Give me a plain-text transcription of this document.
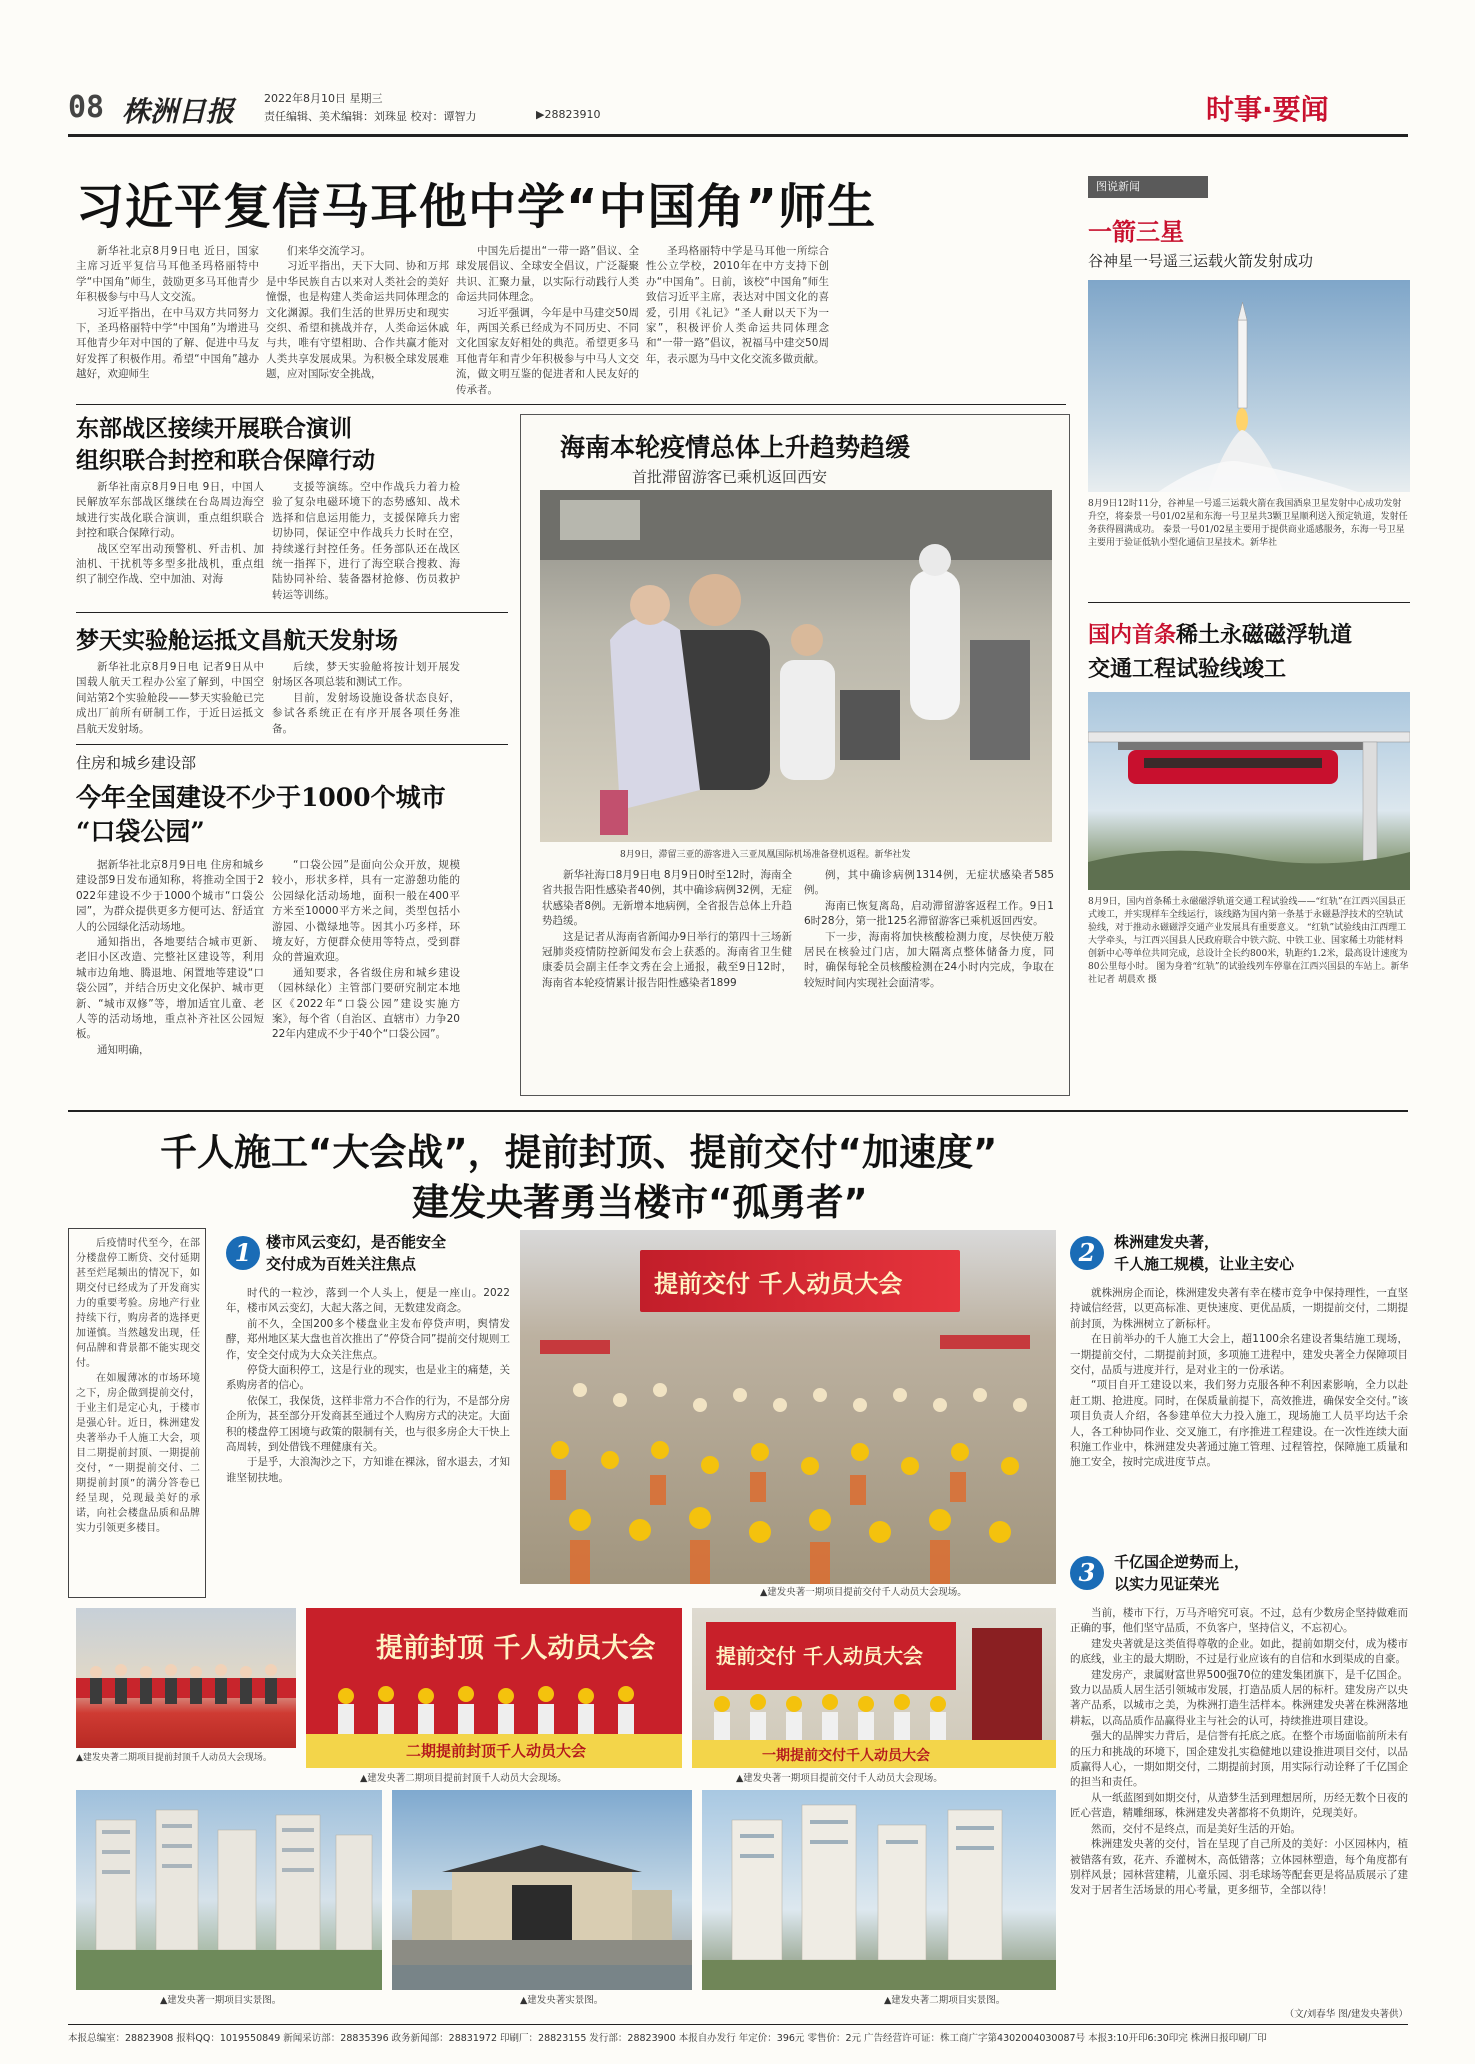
08 株洲日报	2022年8月10日 星期三
责任编辑、美术编辑：刘珠显 校对：谭智力	▶28823910	时事·要闻
习近平复信马耳他中学“中国角”师生
新华社北京8月9日电 近日，国家主席习近平复信马耳他圣玛格丽特中学“中国角”师生，鼓励更多马耳他青少年积极参与中马人文交流。
习近平指出，在中马双方共同努力下，圣玛格丽特中学“中国角”为增进马耳他青少年对中国的了解、促进中马友好发挥了积极作用。希望“中国角”越办越好，欢迎师生
们来华交流学习。
习近平指出，天下大同、协和万邦是中华民族自古以来对人类社会的美好憧憬，也是构建人类命运共同体理念的文化渊源。我们生活的世界历史和现实交织、希望和挑战并存，人类命运休戚与共，唯有守望相助、合作共赢才能对人类共享发展成果。为积极全球发展难题，应对国际安全挑战，
中国先后提出“一带一路”倡议、全球发展倡议、全球安全倡议，广泛凝聚共识、汇聚力量，以实际行动践行人类命运共同体理念。
习近平强调，今年是中马建交50周年，两国关系已经成为不同历史、不同文化国家友好相处的典范。希望更多马耳他青年和青少年积极参与中马人文交流，做文明互鉴的促进者和人民友好的传承者。
圣玛格丽特中学是马耳他一所综合性公立学校，2010年在中方支持下创办“中国角”。日前，该校“中国角”师生致信习近平主席，表达对中国文化的喜爱，引用《礼记》“圣人耐以天下为一家”，积极评价人类命运共同体理念和“一带一路”倡议，祝福马中建交50周年，表示愿为马中文化交流多做贡献。
图说新闻
一箭三星
谷神星一号遥三运载火箭发射成功
8月9日12时11分，谷神星一号遥三运载火箭在我国酒泉卫星发射中心成功发射升空，将泰景一号01/02星和东海一号卫星共3颗卫星顺利送入预定轨道，发射任务获得圆满成功。 泰景一号01/02星主要用于提供商业遥感服务，东海一号卫星主要用于验证低轨小型化通信卫星技术。新华社
国内首条稀土永磁磁浮轨道
交通工程试验线竣工
8月9日，国内首条稀土永磁磁浮轨道交通工程试验线——“红轨”在江西兴国县正式竣工，并实现样车全线运行，该线路为国内第一条基于永磁悬浮技术的空轨试验线，对于推动永磁磁浮交通产业发展具有重要意义。 “红轨”试验线由江西理工大学牵头，与江西兴国县人民政府联合中铁六院、中铁工业、国家稀土功能材料创新中心等单位共同完成，总设计全长约800米，轨距约1.2米，最高设计速度为80公里每小时。 图为身着“红轨”的试验线列车停靠在江西兴国县的车站上。新华社记者 胡晨欢 摄
东部战区接续开展联合演训
组织联合封控和联合保障行动
新华社南京8月9日电 9日，中国人民解放军东部战区继续在台岛周边海空域进行实战化联合演训，重点组织联合封控和联合保障行动。
战区空军出动预警机、歼击机、加油机、干扰机等多型多批战机，重点组织了制空作战、空中加油、对海
支援等演练。空中作战兵力着力检验了复杂电磁环境下的态势感知、战术选择和信息运用能力，支援保障兵力密切协同，保证空中作战兵力长时在空，持续遂行封控任务。任务部队还在战区统一指挥下，进行了海空联合搜救、海陆协同补给、装备器材抢修、伤员救护转运等训练。
梦天实验舱运抵文昌航天发射场
新华社北京8月9日电 记者9日从中国载人航天工程办公室了解到，中国空间站第2个实验舱段——梦天实验舱已完成出厂前所有研制工作，于近日运抵文昌航天发射场。
后续，梦天实验舱将按计划开展发射场区各项总装和测试工作。
目前，发射场设施设备状态良好，参试各系统正在有序开展各项任务准备。
住房和城乡建设部
今年全国建设不少于1000个城市
“口袋公园”
据新华社北京8月9日电 住房和城乡建设部9日发布通知称，将推动全国于2022年建设不少于1000个城市“口袋公园”，为群众提供更多方便可达、舒适宜人的公园绿化活动场地。
通知指出，各地要结合城市更新、老旧小区改造、完整社区建设等，利用城市边角地、腾退地、闲置地等建设“口袋公园”，并结合历史文化保护、城市更新、“城市双修”等，增加适宜儿童、老人等的活动场地，重点补齐社区公园短板。
通知明确，
“口袋公园”是面向公众开放，规模较小，形状多样，具有一定游憩功能的公园绿化活动场地，面积一般在400平方米至10000平方米之间，类型包括小游园、小微绿地等。因其小巧多样，环境友好，方便群众使用等特点，受到群众的普遍欢迎。
通知要求，各省级住房和城乡建设（园林绿化）主管部门要研究制定本地区《2022年“口袋公园”建设实施方案》，每个省（自治区、直辖市）力争2022年内建成不少于40个“口袋公园”。
海南本轮疫情总体上升趋势趋缓
首批滞留游客已乘机返回西安
8月9日，滞留三亚的游客进入三亚凤凰国际机场准备登机返程。新华社发
新华社海口8月9日电 8月9日0时至12时，海南全省共报告阳性感染者40例，其中确诊病例32例，无症状感染者8例。无新增本地病例，全省报告总体上升趋势趋缓。
这是记者从海南省新闻办9日举行的第四十三场新冠肺炎疫情防控新闻发布会上获悉的。海南省卫生健康委员会副主任李文秀在会上通报，截至9日12时，海南省本轮疫情累计报告阳性感染者1899
例，其中确诊病例1314例，无症状感染者585例。
海南已恢复离岛，启动滞留游客返程工作。9日16时28分，第一批125名滞留游客已乘机返回西安。
下一步，海南将加快核酸检测力度，尽快使万般居民在核验过门店，加大隔离点整体储备力度，同时，确保每轮全员核酸检测在24小时内完成，争取在较短时间内实现社会面清零。
千人施工“大会战”，提前封顶、提前交付“加速度”
建发央著勇当楼市“孤勇者”
后疫情时代至今，在部分楼盘停工断贷、交付延期甚至烂尾频出的情况下，如期交付已经成为了开发商实力的重要考验。房地产行业持续下行，购房者的选择更加谨慎。当然越发出现，任何品牌和背景都不能实现交付。
在如履薄冰的市场环境之下，房企做到提前交付，于业主们是定心丸，于楼市是强心针。近日，株洲建发央著举办千人施工大会，项目二期提前封顶、一期提前交付，“一期提前交付、二期提前封顶”的满分答卷已经呈现，兑现最美好的承诺，向社会楼盘品质和品牌实力引领更多楼目。
1 楼市风云变幻，是否能安全
交付成为百姓关注焦点
时代的一粒沙，落到一个人头上，便是一座山。2022年，楼市风云变幻，大起大落之间，无数建发商念。
前不久，全国200多个楼盘业主发布停贷声明，舆情发酵，郑州地区某大盘也首次推出了“停贷合同”提前交付规则工作，安全交付成为大众关注焦点。
停贷大面积停工，这是行业的现实，也是业主的痛楚，关系购房者的信心。
依保工，我保货，这样非常力不合作的行为，不是部分房企所为，甚至部分开发商甚至通过个人购房方式的决定。大面积的楼盘停工困境与政策的限制有关，也与很多房企大干快上高周转，到处借钱不理健康有关。
于是乎，大浪淘沙之下，方知谁在裸泳，留水退去，才知谁坚韧扶地。
提前交付 千人动员大会
▲建发央著一期项目提前交付千人动员大会现场。
2	株洲建发央著，
千人施工规模，让业主安心
就株洲房企而论，株洲建发央著有幸在楼市竞争中保持理性，一直坚持诚信经营，以更高标准、更快速度、更优品质，一期提前交付，二期提前封顶，为株洲树立了新标杆。
在日前举办的千人施工大会上，超1100余名建设者集结施工现场，一期提前交付，二期提前封顶，多项施工进程中，建发央著全力保障项目交付，品质与进度并行，是对业主的一份承诺。
“项目自开工建设以来，我们努力克服各种不利因素影响，全力以赴赶工期、抢进度。同时，在保质量前提下，高效推进，确保安全交付。”该项目负责人介绍，各参建单位大力投入施工，现场施工人员平均达千余人，各工种协同作业、交叉施工，有序推进工程建设。在一次性连续大面积施工作业中，株洲建发央著通过施工管理、过程管控，保障施工质量和施工安全，按时完成进度节点。
3	千亿国企逆势而上，
以实力见证荣光
当前，楼市下行，万马齐喑究可哀。不过，总有少数房企坚持做难而正确的事，他们坚守品质，不负客户，坚持信义，不忘初心。
建发央著就是这类值得尊敬的企业。如此，提前如期交付，成为楼市的底线，业主的最大期盼，不过是行业应该有的自信和水到渠成的自豪。
建发房产，隶属财富世界500强70位的建发集团旗下，是千亿国企。致力以品质人居生活引领城市发展，打造品质人居的标杆。建发房产以央著产品系，以城市之美，为株洲打造生活样本。株洲建发央著在株洲落地耕耘，以高品质作品赢得业主与社会的认可，持续推进项目建设。
强大的品牌实力背后，是信誉有托底之底。在整个市场面临前所未有的压力和挑战的环境下，国企建发扎实稳健地以建设推进项目交付，以品质赢得人心，一期如期交付，二期提前封顶，用实际行动诠释了千亿国企的担当和责任。
从一纸蓝图到如期交付，从造梦生活到理想居所，历经无数个日夜的匠心营造，精雕细琢，株洲建发央著都将不负期许，兑现美好。
然而，交付不是终点，而是美好生活的开始。
株洲建发央著的交付，旨在呈现了自己所及的美好：小区园林内，植被错落有致，花卉、乔灌树木，高低错落；立体园林塑造，每个角度都有别样风景；园林营建精，儿童乐园、羽毛球场等配套更是将品质展示了建发对于居者生活场景的用心考量，更多细节，全部以待！
（文/刘春华 图/建发央著供）
▲建发央著二期项目提前封顶千人动员大会现场。
提前封顶 千人动员大会
二期提前封顶千人动员大会
▲建发央著二期项目提前封顶千人动员大会现场。
提前交付 千人动员大会
一期提前交付千人动员大会
▲建发央著一期项目提前交付千人动员大会现场。
▲建发央著一期项目实景图。	▲建发央著实景图。	▲建发央著二期项目实景图。
本报总编室：28823908 报料QQ：1019550849 新闻采访部：28835396 政务新闻部：28831972 印刷厂：28823155 发行部：28823900 本报自办发行 年定价：396元 零售价：2元 广告经营许可证：株工商广字第4302004030087号 本报3:10开印6:30印完 株洲日报印刷厂印
